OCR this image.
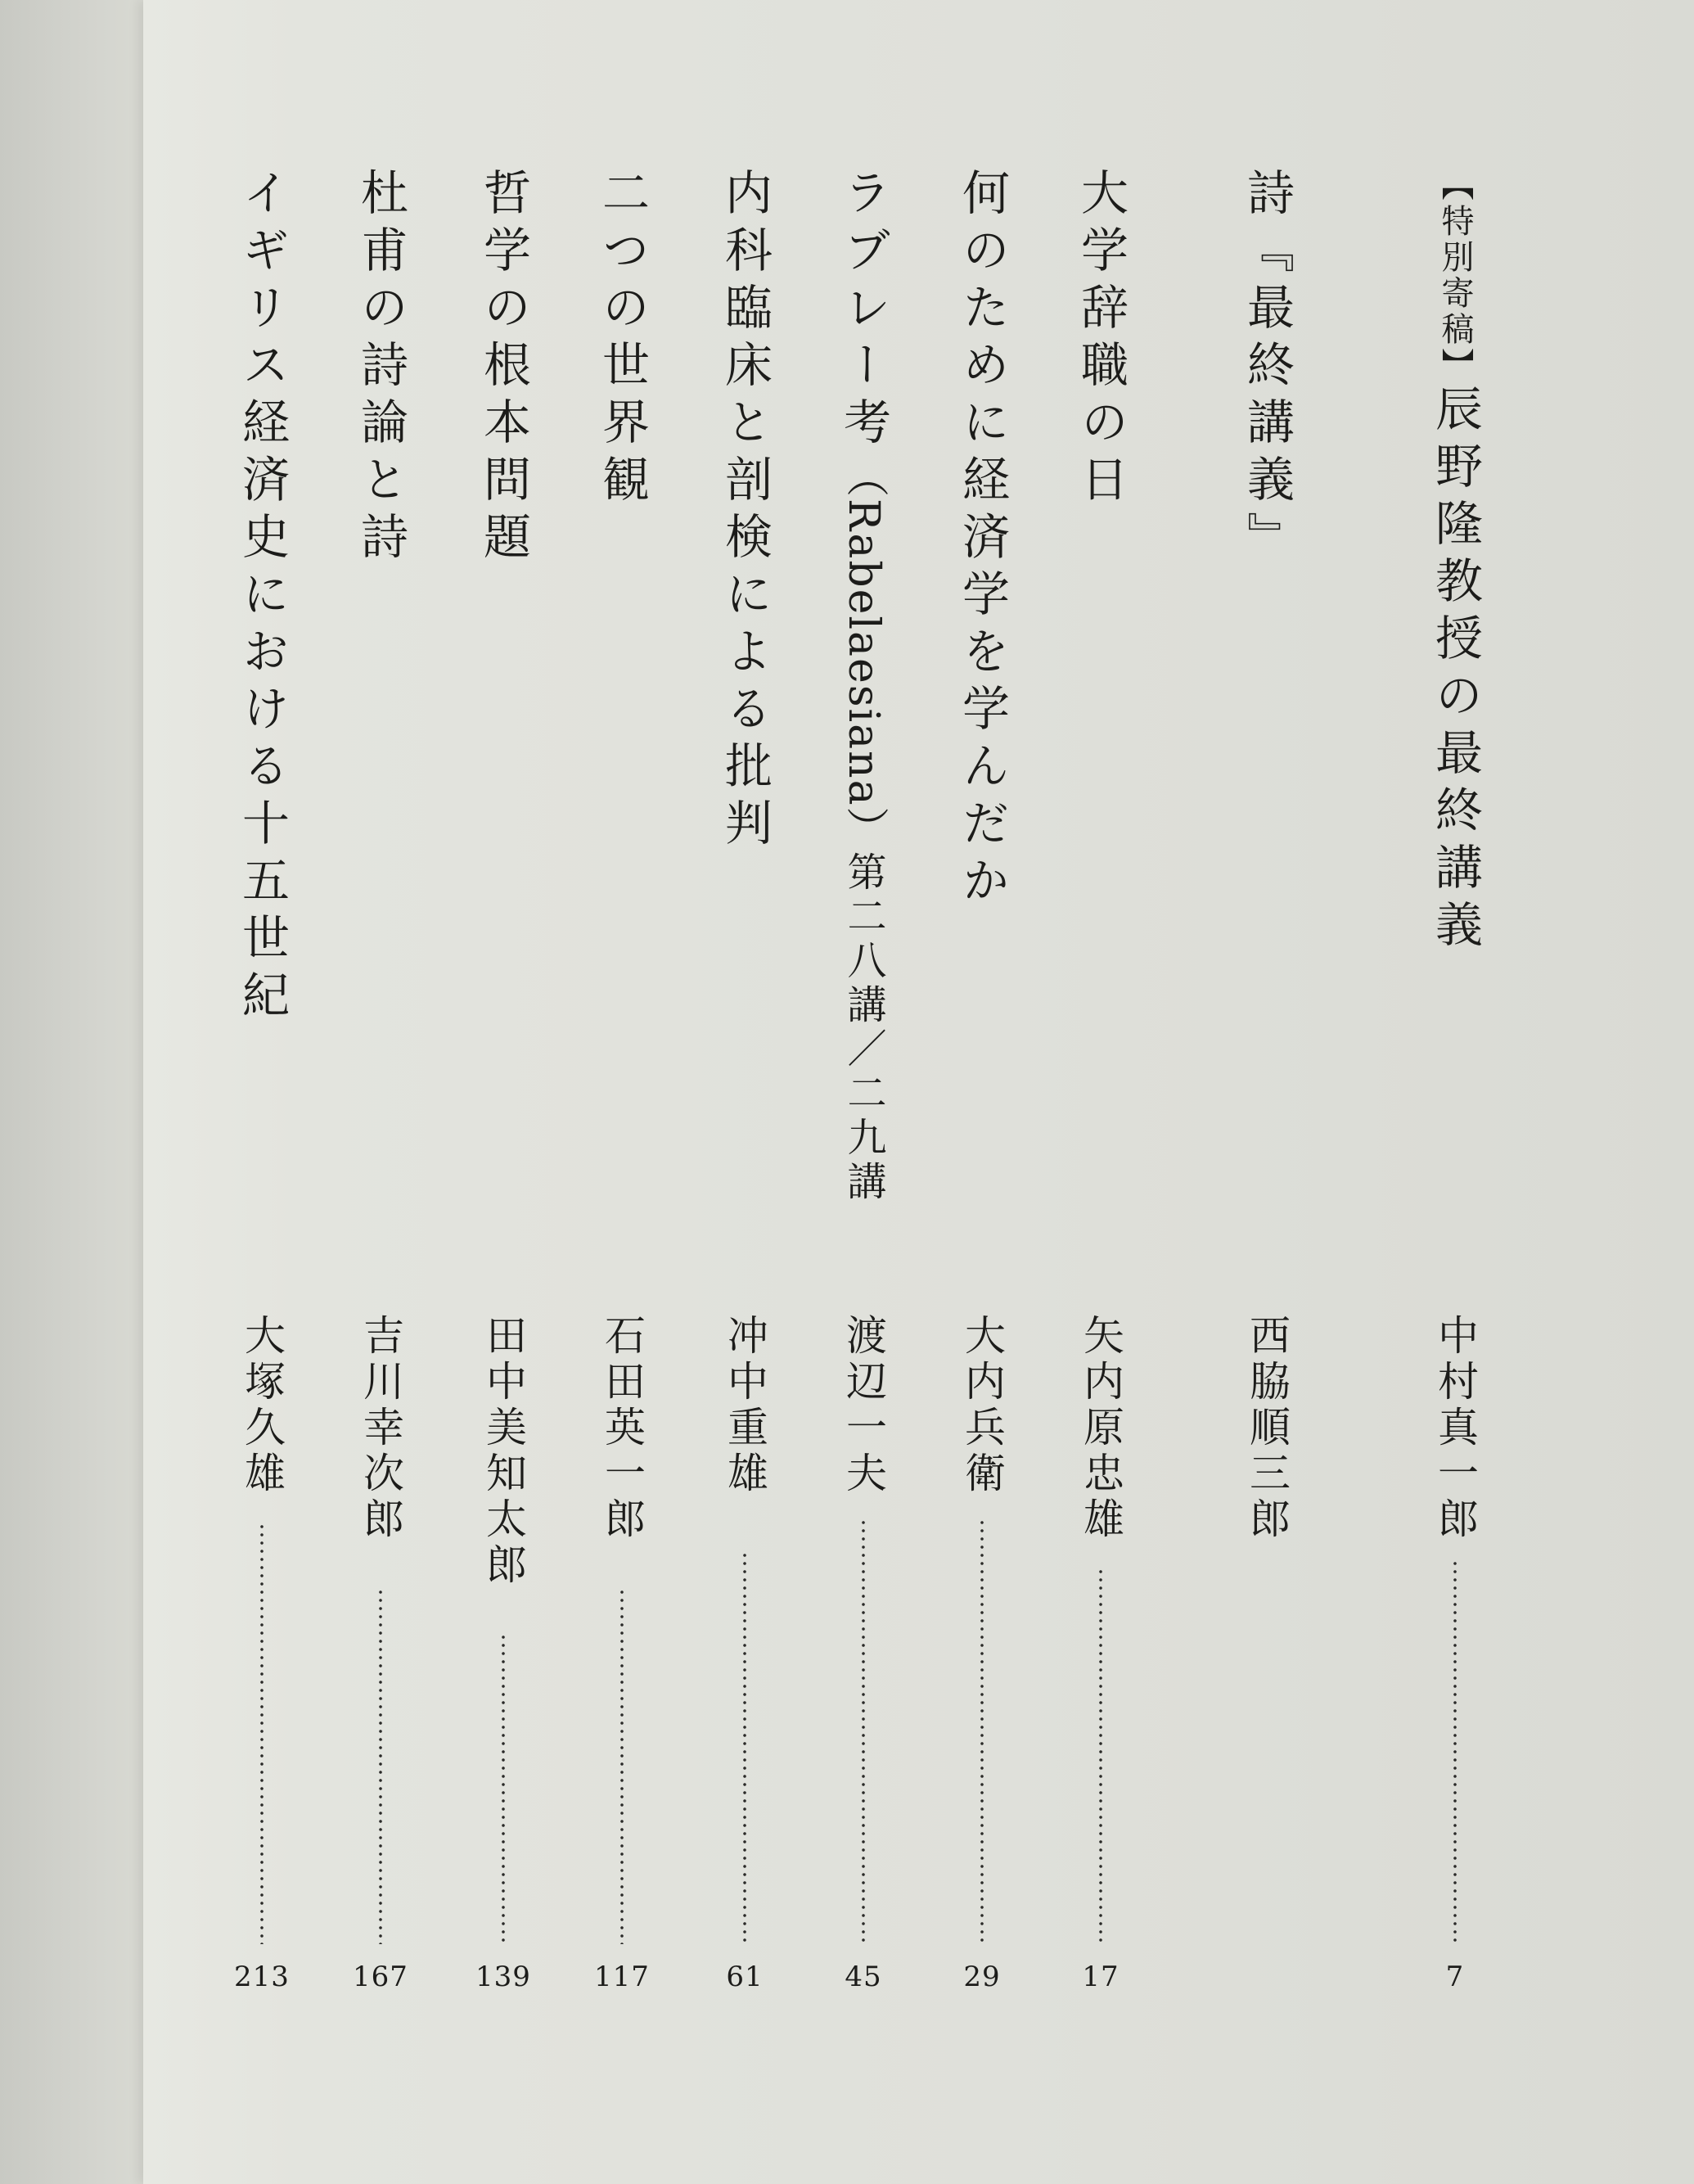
【特別寄稿】辰野隆教授の最終講義
中村真一郎
7
詩『最終講義』
西脇順三郎
大学辞職の日
矢内原忠雄
17
何のために経済学を学んだか
大内兵衛
29
ラブレー考（Rabelaesiana）第二八講／二九講
渡辺一夫
45
内科臨床と剖検による批判
冲中重雄
61
二つの世界観
石田英一郎
117
哲学の根本問題
田中美知太郎
139
杜甫の詩論と詩
吉川幸次郎
167
イギリス経済史における十五世紀
大塚久雄
213
